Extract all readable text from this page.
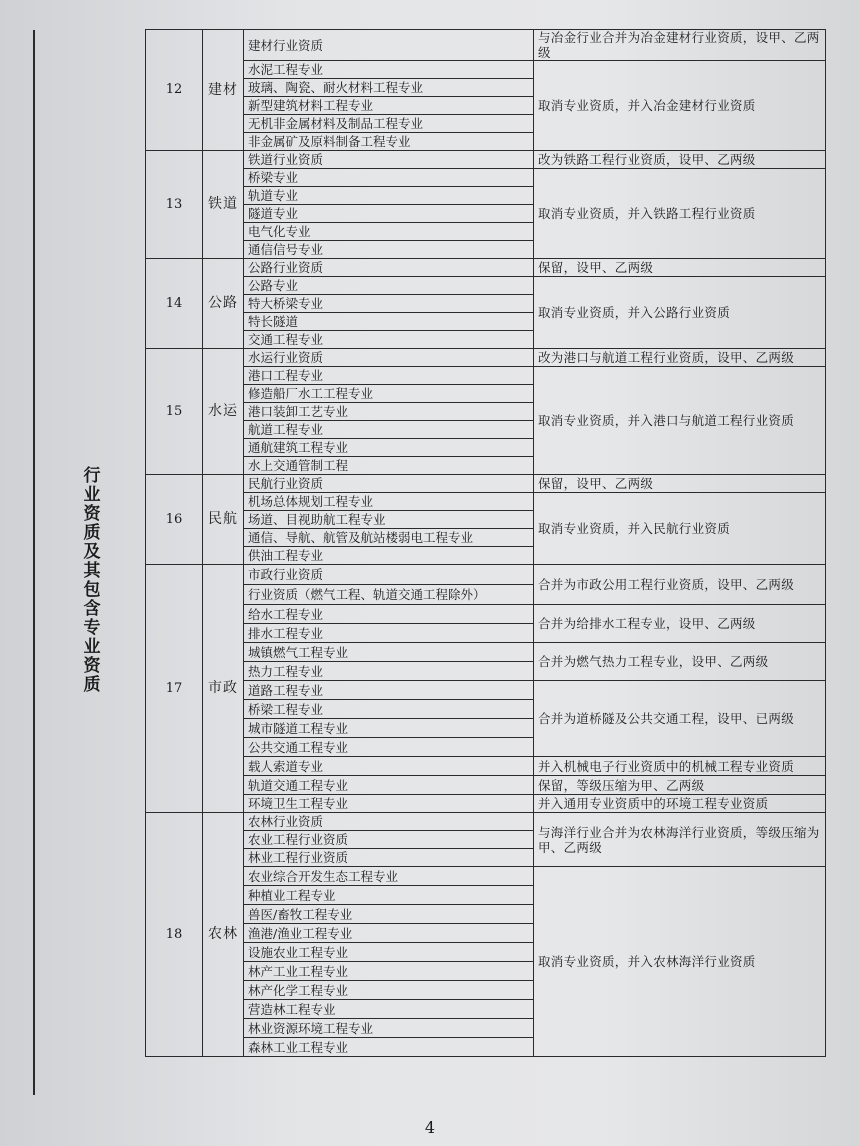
行业资质及其包含专业资质
12	建材	建材行业资质	与冶金行业合并为冶金建材行业资质，设甲、乙两级
		水泥工程专业	取消专业资质，并入冶金建材行业资质
		玻璃、陶瓷、耐火材料工程专业	
		新型建筑材料工程专业	
		无机非金属材料及制品工程专业	
		非金属矿及原料制备工程专业	
13	铁道	铁道行业资质	改为铁路工程行业资质，设甲、乙两级
		桥梁专业	取消专业资质，并入铁路工程行业资质
		轨道专业	
		隧道专业	
		电气化专业	
		通信信号专业	
14	公路	公路行业资质	保留，设甲、乙两级
		公路专业	取消专业资质，并入公路行业资质
		特大桥梁专业	
		特长隧道	
		交通工程专业	
15	水运	水运行业资质	改为港口与航道工程行业资质，设甲、乙两级
		港口工程专业	取消专业资质，并入港口与航道工程行业资质
		修造船厂水工工程专业	
		港口装卸工艺专业	
		航道工程专业	
		通航建筑工程专业	
		水上交通管制工程	
16	民航	民航行业资质	保留，设甲、乙两级
		机场总体规划工程专业	取消专业资质，并入民航行业资质
		场道、目视助航工程专业	
		通信、导航、航管及航站楼弱电工程专业	
		供油工程专业	
17	市政	市政行业资质	合并为市政公用工程行业资质，设甲、乙两级
		行业资质（燃气工程、轨道交通工程除外）	
		给水工程专业	合并为给排水工程专业，设甲、乙两级
		排水工程专业	
		城镇燃气工程专业	合并为燃气热力工程专业，设甲、乙两级
		热力工程专业	
		道路工程专业	合并为道桥隧及公共交通工程，设甲、已两级
		桥梁工程专业	
		城市隧道工程专业	
		公共交通工程专业	
		载人索道专业	并入机械电子行业资质中的机械工程专业资质
		轨道交通工程专业	保留，等级压缩为甲、乙两级
		环境卫生工程专业	并入通用专业资质中的环境工程专业资质
18	农林	农林行业资质	与海洋行业合并为农林海洋行业资质，等级压缩为甲、乙两级
		农业工程行业资质	
		林业工程行业资质	
		农业综合开发生态工程专业	取消专业资质，并入农林海洋行业资质
		种植业工程专业	
		兽医/畜牧工程专业	
		渔港/渔业工程专业	
		设施农业工程专业	
		林产工业工程专业	
		林产化学工程专业	
		营造林工程专业	
		林业资源环境工程专业	
		森林工业工程专业	
4
